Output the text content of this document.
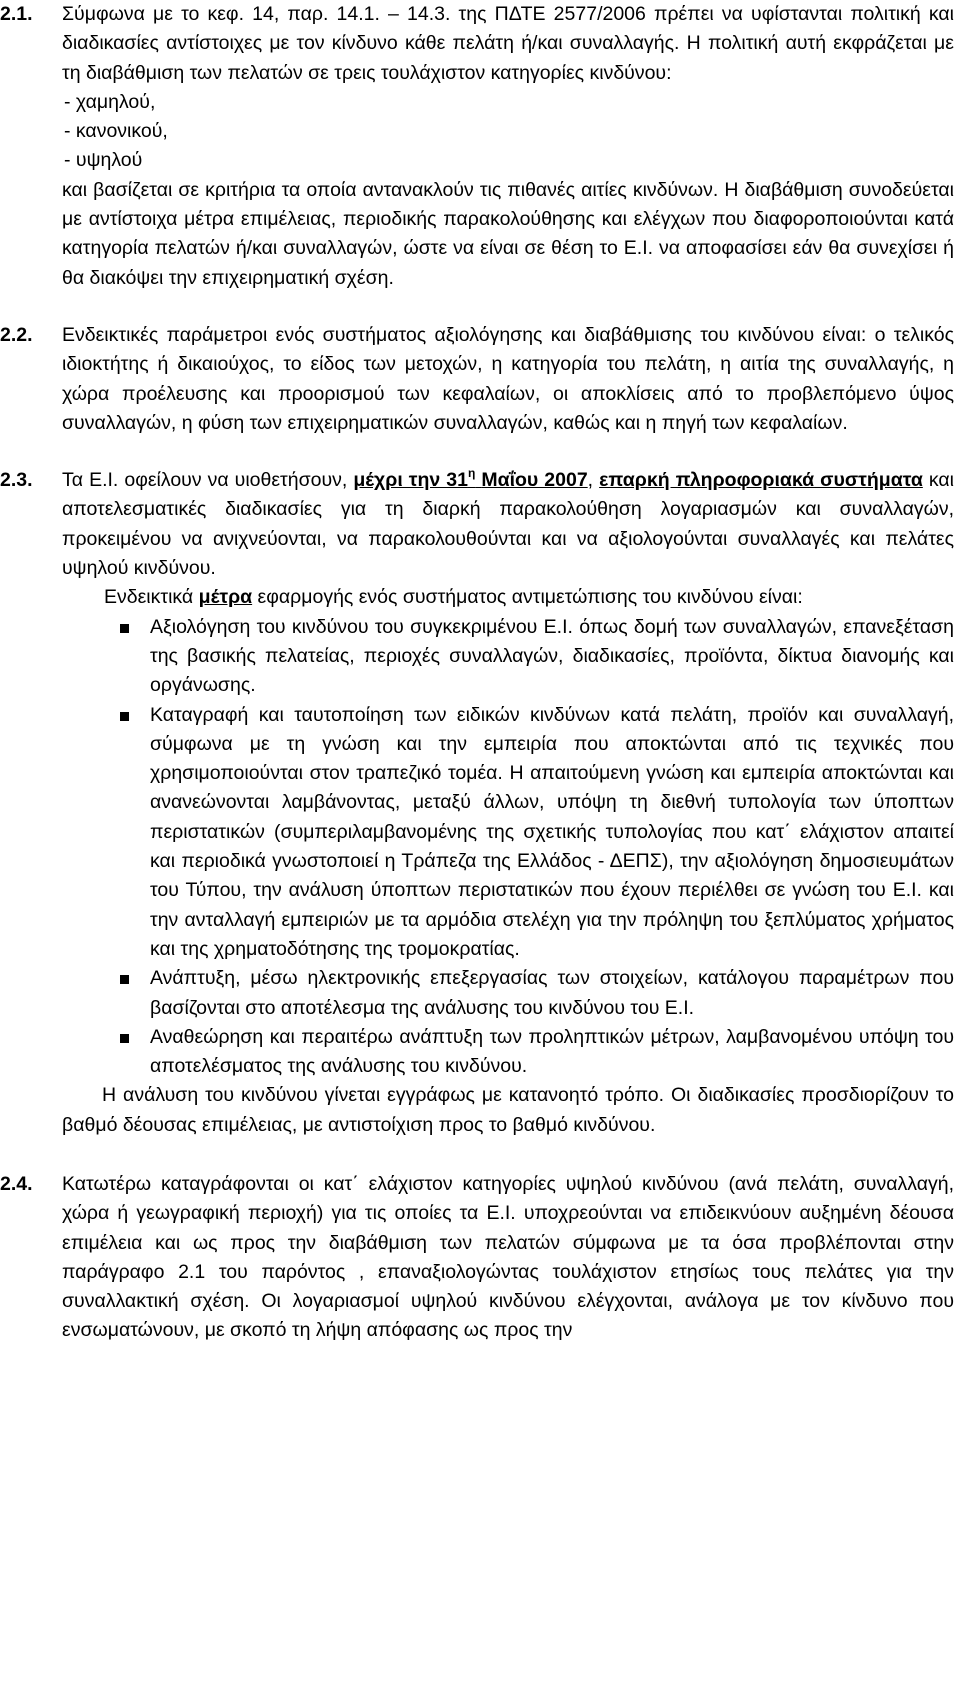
2.1. Σύμφωνα με το κεφ. 14, παρ. 14.1. – 14.3. της ΠΔΤΕ 2577/2006 πρέπει να υφίστανται πολιτική και διαδικασίες αντίστοιχες με τον κίνδυνο κάθε πελάτη ή/και συναλλαγής. Η πολιτική αυτή εκφράζεται με τη διαβάθμιση των πελατών σε τρεις τουλάχιστον κατηγορίες κινδύνου:

- χαμηλού,

- κανονικού,

- υψηλού

και βασίζεται σε κριτήρια τα οποία αντανακλούν τις πιθανές αιτίες κινδύνων. Η διαβάθμιση συνοδεύεται με αντίστοιχα μέτρα επιμέλειας, περιοδικής παρακολούθησης και ελέγχων που διαφοροποιούνται κατά κατηγορία πελατών ή/και συναλλαγών, ώστε να είναι σε θέση το Ε.Ι. να αποφασίσει εάν θα συνεχίσει ή θα διακόψει την επιχειρηματική σχέση.

2.2. Ενδεικτικές παράμετροι ενός συστήματος αξιολόγησης και διαβάθμισης του κινδύνου είναι: ο τελικός ιδιοκτήτης ή δικαιούχος, το είδος των μετοχών, η κατηγορία του πελάτη, η αιτία της συναλλαγής, η χώρα προέλευσης και προορισμού των κεφαλαίων, οι αποκλίσεις από το προβλεπόμενο ύψος συναλλαγών, η φύση των επιχειρηματικών συναλλαγών, καθώς και η πηγή των κεφαλαίων.

2.3. Τα Ε.Ι. οφείλουν να υιοθετήσουν, μέχρι την $31^\eta$ Μαΐου 2007, επαρκή πληροφοριακά συστήματα και αποτελεσματικές διαδικασίες για τη διαρκή παρακολούθηση λογαριασμών και συναλλαγών, προκειμένου να ανιχνεύονται, να παρακολουθούνται και να αξιολογούνται συναλλαγές και πελάτες υψηλού κινδύνου.

Ενδεικτικά μέτρα εφαρμογής ενός συστήματος αντιμετώπισης του κινδύνου είναι:

Αξιολόγηση του κινδύνου του συγκεκριμένου Ε.Ι. όπως δομή των συναλλαγών, επανεξέταση της βασικής πελατείας, περιοχές συναλλαγών, διαδικασίες, προϊόντα, δίκτυα διανομής και οργάνωσης.
Καταγραφή και ταυτοποίηση των ειδικών κινδύνων κατά πελάτη, προϊόν και συναλλαγή, σύμφωνα με τη γνώση και την εμπειρία που αποκτώνται από τις τεχνικές που χρησιμοποιούνται στον τραπεζικό τομέα. Η απαιτούμενη γνώση και εμπειρία αποκτώνται και ανανεώνονται λαμβάνοντας, μεταξύ άλλων, υπόψη τη διεθνή τυπολογία των ύποπτων περιστατικών (συμπεριλαμβανομένης της σχετικής τυπολογίας που κατ΄ ελάχιστον απαιτεί και περιοδικά γνωστοποιεί η Τράπεζα της Ελλάδος - ΔΕΠΣ), την αξιολόγηση δημοσιευμάτων του Τύπου, την ανάλυση ύποπτων περιστατικών που έχουν περιέλθει σε γνώση του Ε.Ι. και την ανταλλαγή εμπειριών με τα αρμόδια στελέχη για την πρόληψη του ξεπλύματος χρήματος και της χρηματοδότησης της τρομοκρατίας.
Ανάπτυξη, μέσω ηλεκτρονικής επεξεργασίας των στοιχείων, κατάλογου παραμέτρων που βασίζονται στο αποτέλεσμα της ανάλυσης του κινδύνου του Ε.Ι.
Αναθεώρηση και περαιτέρω ανάπτυξη των προληπτικών μέτρων, λαμβανομένου υπόψη του αποτελέσματος της ανάλυσης του κινδύνου.

Η ανάλυση του κινδύνου γίνεται εγγράφως με κατανοητό τρόπο. Οι διαδικασίες προσδιορίζουν το βαθμό δέουσας επιμέλειας, με αντιστοίχιση προς το βαθμό κινδύνου.

2.4. Κατωτέρω καταγράφονται οι κατ΄ ελάχιστον κατηγορίες υψηλού κινδύνου (ανά πελάτη, συναλλαγή, χώρα ή γεωγραφική περιοχή) για τις οποίες τα Ε.Ι. υποχρεούνται να επιδεικνύουν αυξημένη δέουσα επιμέλεια και ως προς την διαβάθμιση των πελατών σύμφωνα με τα όσα προβλέπονται στην παράγραφο 2.1 του παρόντος , επαναξιολογώντας τουλάχιστον ετησίως τους πελάτες για την συναλλακτική σχέση. Οι λογαριασμοί υψηλού κινδύνου ελέγχονται, ανάλογα με τον κίνδυνο που ενσωματώνουν, με σκοπό τη λήψη απόφασης ως προς την
